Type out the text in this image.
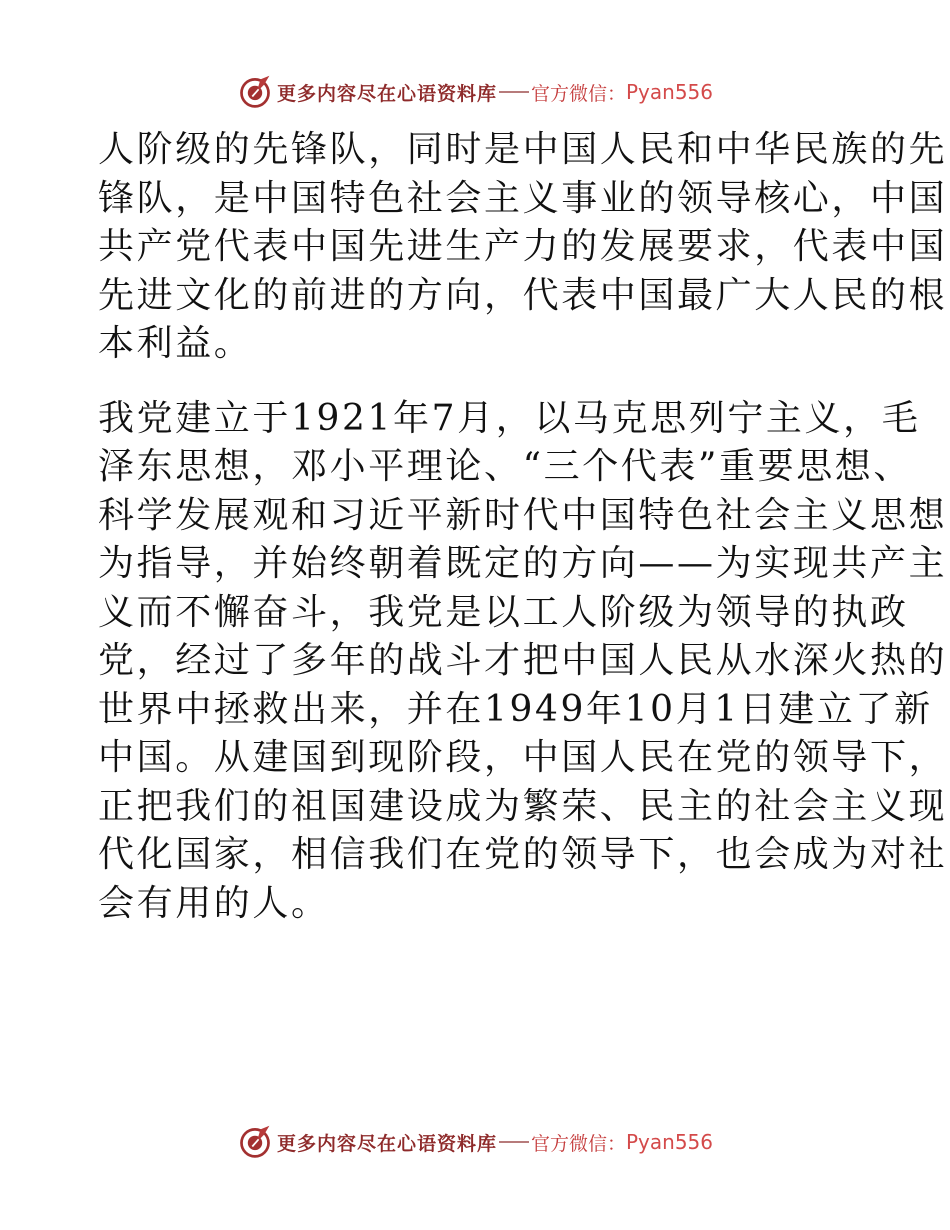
更多内容尽在心语资料库 官方微信： Pyan556

人阶级的先锋队，同时是中国人民和中华民族的先
锋队，是中国特色社会主义事业的领导核心，中国
共产党代表中国先进生产力的发展要求，代表中国
先进文化的前进的方向，代表中国最广大人民的根
本利益。

我党建立于1921年7月，以马克思列宁主义，毛
泽东思想，邓小平理论、“三个代表”重要思想、
科学发展观和习近平新时代中国特色社会主义思想
为指导，并始终朝着既定的方向——为实现共产主
义而不懈奋斗，我党是以工人阶级为领导的执政
党，经过了多年的战斗才把中国人民从水深火热的
世界中拯救出来，并在1949年10月1日建立了新
中国。从建国到现阶段，中国人民在党的领导下，
正把我们的祖国建设成为繁荣、民主的社会主义现
代化国家，相信我们在党的领导下，也会成为对社
会有用的人。

更多内容尽在心语资料库 官方微信： Pyan556
